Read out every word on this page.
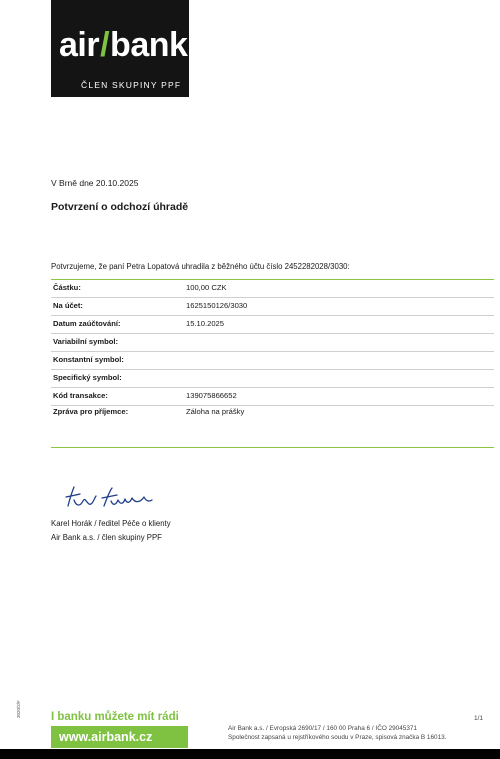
air/bank
ČLEN SKUPINY PPF
V Brně dne 20.10.2025
Potvrzení o odchozí úhradě
Potvrzujeme, že paní Petra Lopatová uhradila z běžného účtu číslo 2452282028/3030:
Částku:	100,00 CZK
Na účet:	1625150126/3030
Datum zaúčtování:	15.10.2025
Variabilní symbol:
Konstantní symbol:
Specifický symbol:
Kód transakce:	139075866652
Zpráva pro příjemce:	Záloha na prášky
Karel Horák / ředitel Péče o klienty
Air Bank a.s. / člen skupiny PPF
3020/2/F	I banku můžete mít rádi
www.airbank.cz
1/1
Air Bank a.s. / Evropská 2690/17 / 160 00 Praha 6 / IČO 29045371
Společnost zapsaná u rejstříkového soudu v Praze, spisová značka B 16013.
